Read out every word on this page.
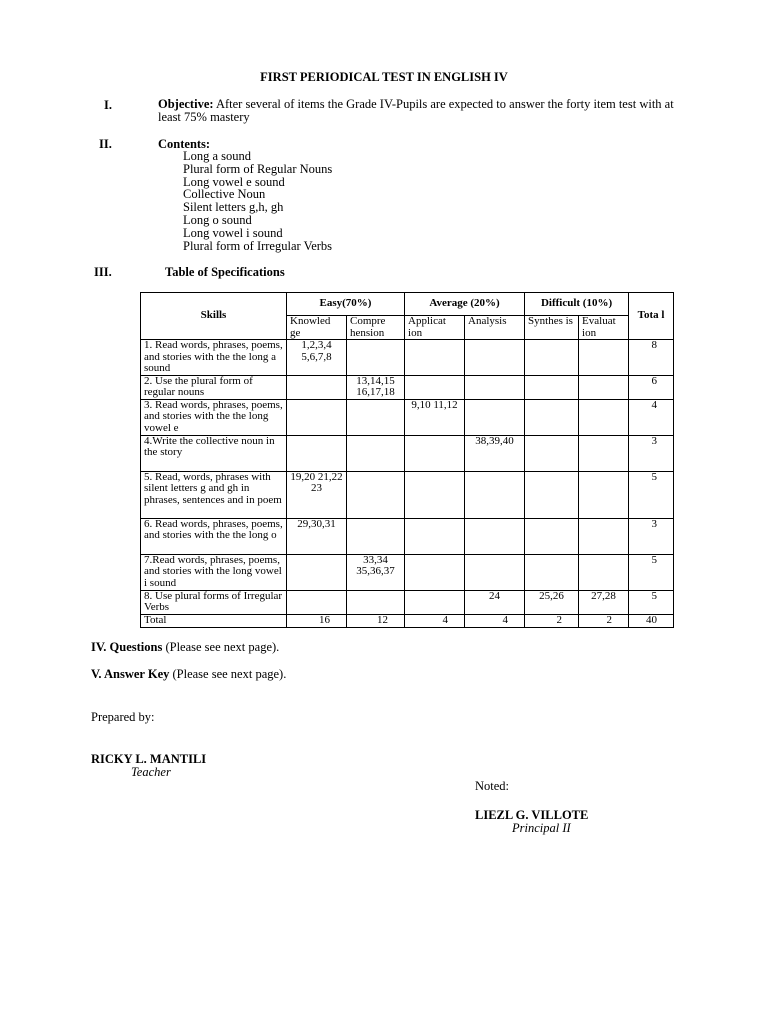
FIRST PERIODICAL TEST IN ENGLISH IV
I.	Objective: After several of items the Grade IV-Pupils are expected to answer the forty item test with at least 75% mastery
II.	Contents:
Long a sound
Plural form of Regular Nouns
Long vowel e sound
Collective Noun
Silent letters g,h, gh
Long o sound
Long vowel i sound
Plural form of Irregular Verbs
III.	Table of Specifications
Skills	Easy(70%)		Average (20%)		Difficult (10%)		Tota l
	Knowled ge	Compre hension	Applicat ion	Analysis	Synthes is	Evaluat ion	
1. Read words, phrases, poems, and stories with the the long a sound	1,2,3,4 5,6,7,8						8
2. Use the plural form of regular nouns		13,14,15 16,17,18					6
3. Read words, phrases, poems, and stories with the the long vowel e			9,10 11,12				4
4.Write the collective noun in the story				38,39,40			3
5. Read, words, phrases with silent letters g and gh in phrases, sentences and in poem	19,20 21,22 23						5
6. Read words, phrases, poems, and stories with the the long o	29,30,31						3
7.Read words, phrases, poems, and stories with the long vowel i sound		33,34 35,36,37					5
8. Use plural forms of Irregular Verbs				24	25,26	27,28	5
Total	16	12	4	4	2	2	40
IV. Questions (Please see next page).
V. Answer Key (Please see next page).
Prepared by:
RICKY L. MANTILI
Teacher
Noted:
LIEZL G. VILLOTE
Principal II
